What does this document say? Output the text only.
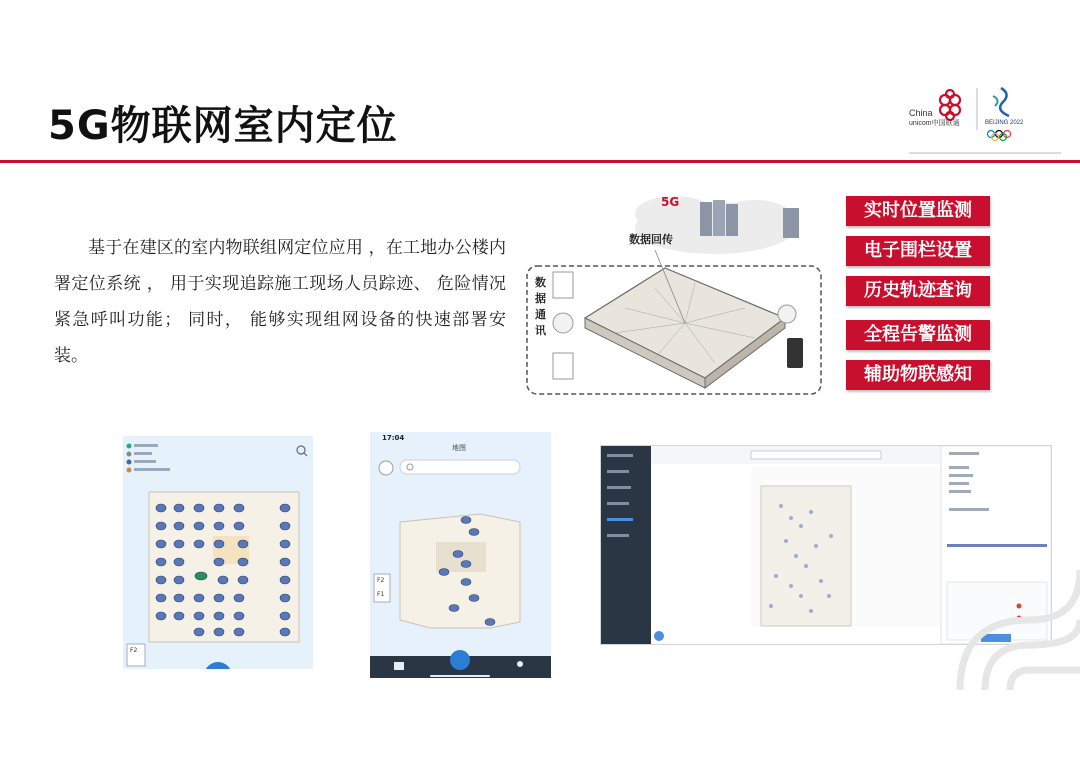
5G物联网室内定位	China
unicom中国联通	BEIJING 2022
基于在建区的室内物联组网定位应用 ，在工地办公楼内署定位系统 ， 用于实现追踪施工现场人员踪迹、 危险情况紧急呼叫功能； 同时， 能够实现组网设备的快速部署安装。
5G
数据回传
数
据
通
讯
实时位置监测
电子围栏设置
历史轨迹查询
全程告警监测
辅助物联感知
F2
17:04
地图
F2
F1
